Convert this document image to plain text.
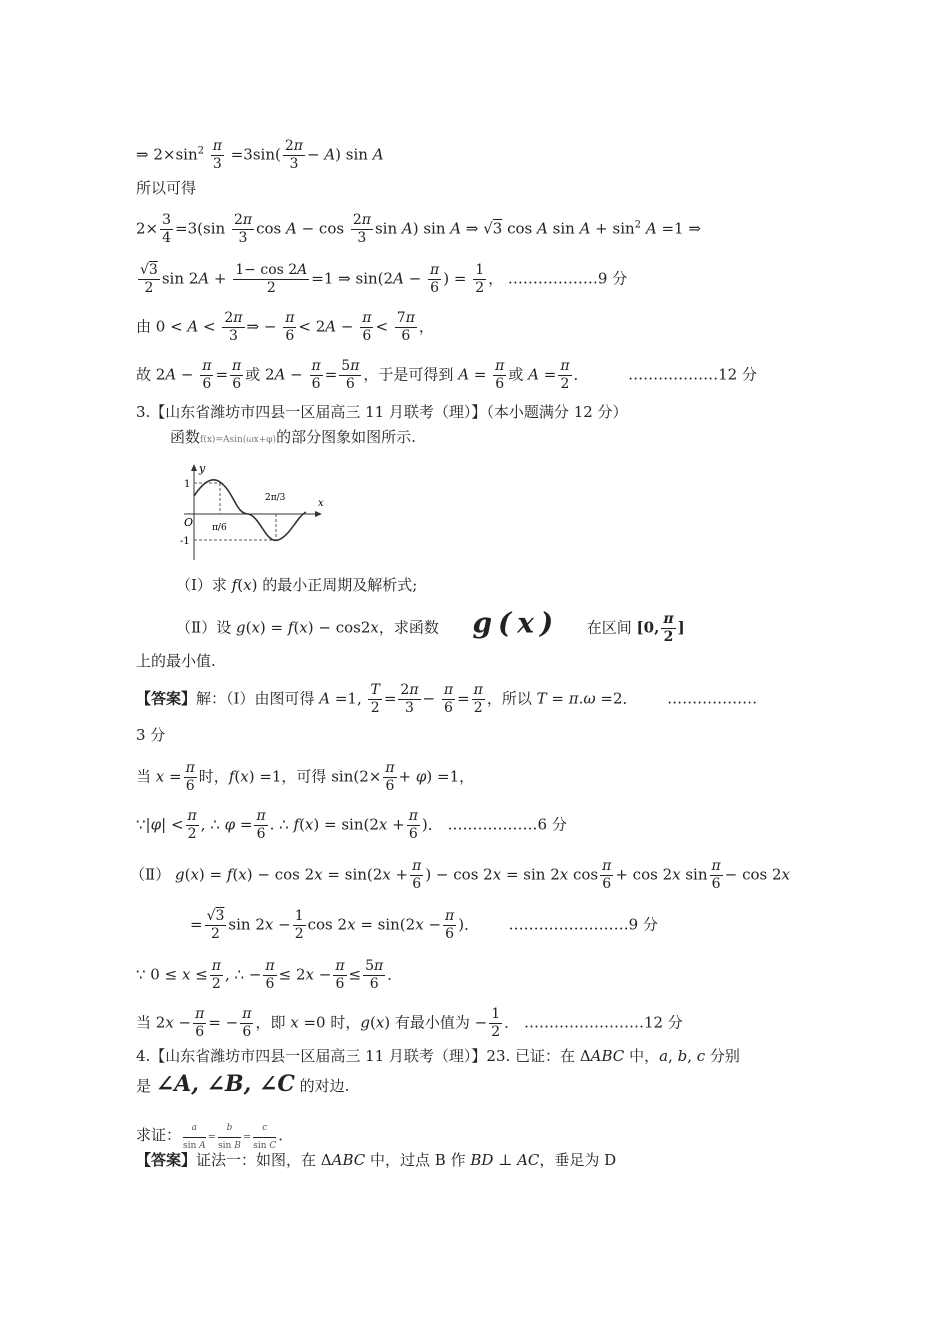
⇒ $2\times\sin^2 \frac{\pi}{3} =3\sin( \frac{2\pi}{3} - A)$ sin A
所以可得
$2\times \frac{3}{4} =3(\sin \frac{2\pi}{3}$ $\cos A - \cos \frac{2\pi}{3}$ sin A) sin A ⇒ √3 cos A $\sin A + \sin^2 A =1$ ⇒
$\frac{√3}{2}$ $\sin 2A + \frac{1- \cos 2A}{2} =1$ ⇒ $\sin(2A - \frac{\pi}{6}$ ) = $\frac{1}{2}$ ， ………………9 分
由 $0 < A < \frac{2\pi}{3}$ ⇒ − $\frac{\pi}{6} < 2A - \frac{\pi}{6} < \frac{7\pi}{6}$ ，
故 $2A - \frac{\pi}{6} = \frac{\pi}{6}$ 或 $2A - \frac{\pi}{6} = \frac{5\pi}{6}$ ，于是可得到 $A = \frac{\pi}{6}$ 或 $A = \frac{\pi}{2}$ ．  ………………12 分
3.【山东省潍坊市四县一区届高三 11 月联考（理）】（本小题满分 12 分）
函数f(x)=Asin(ωx+φ)的部分图象如图所示.
y
x
O
1
-1
π/6
2π/3
（Ⅰ）求 f(x) 的最小正周期及解析式;
（Ⅱ）设 g(x) = f(x) − cos2x，求函数  g(x)  在区间 [0, $\frac{\pi}{2}$ ]
上的最小值.
【答案】解：（Ⅰ）由图可得 A =1, $\frac{T}{2} = \frac{2\pi}{3} - \frac{\pi}{6} = \frac{\pi}{2}$ ，所以 T = π.ω =2．  ………………
3 分
当 $x = \frac{\pi}{6}$ 时，f(x) =1，可得 $\sin(2\times \frac{\pi}{6} + \varphi) =1$，
∵|φ| < $\frac{\pi}{2}$ , ∴ $\varphi = \frac{\pi}{6}$ . ∴ $f(x) = \sin(2x + \frac{\pi}{6}$ )． ………………6 分
（Ⅱ） $g(x) = f(x) - \cos 2x = \sin(2x + \frac{\pi}{6}$ ) − cos 2x = sin 2x $\cos \frac{\pi}{6} + \cos 2x$ $\sin \frac{\pi}{6} - \cos 2x$
= $\frac{√3}{2}$ $\sin 2x - \frac{1}{2}$ $\cos 2x = \sin(2x - \frac{\pi}{6}$ )．  ……………………9 分
∵ $0 \le x \le \frac{\pi}{2}$ , ∴ − $\frac{\pi}{6} \le 2x - \frac{\pi}{6} \le \frac{5\pi}{6}$ ．
当 $2x - \frac{\pi}{6}$ = − $\frac{\pi}{6}$ ，即 x =0 时，g(x) 有最小值为 − $\frac{1}{2}$ ． ……………………12 分
4.【山东省潍坊市四县一区届高三 11 月联考（理）】23. 已证：在 ΔABC 中，a, b, c 分别
是 ∠A, ∠B, ∠C 的对边.
求证： $\frac{a}{\text{sin A}} = \frac{b}{\text{sin B}} = \frac{c}{\text{sin C}}$ ．
【答案】证法一：如图，在 ΔABC 中，过点 B 作 BD ⊥ AC，垂足为 D
